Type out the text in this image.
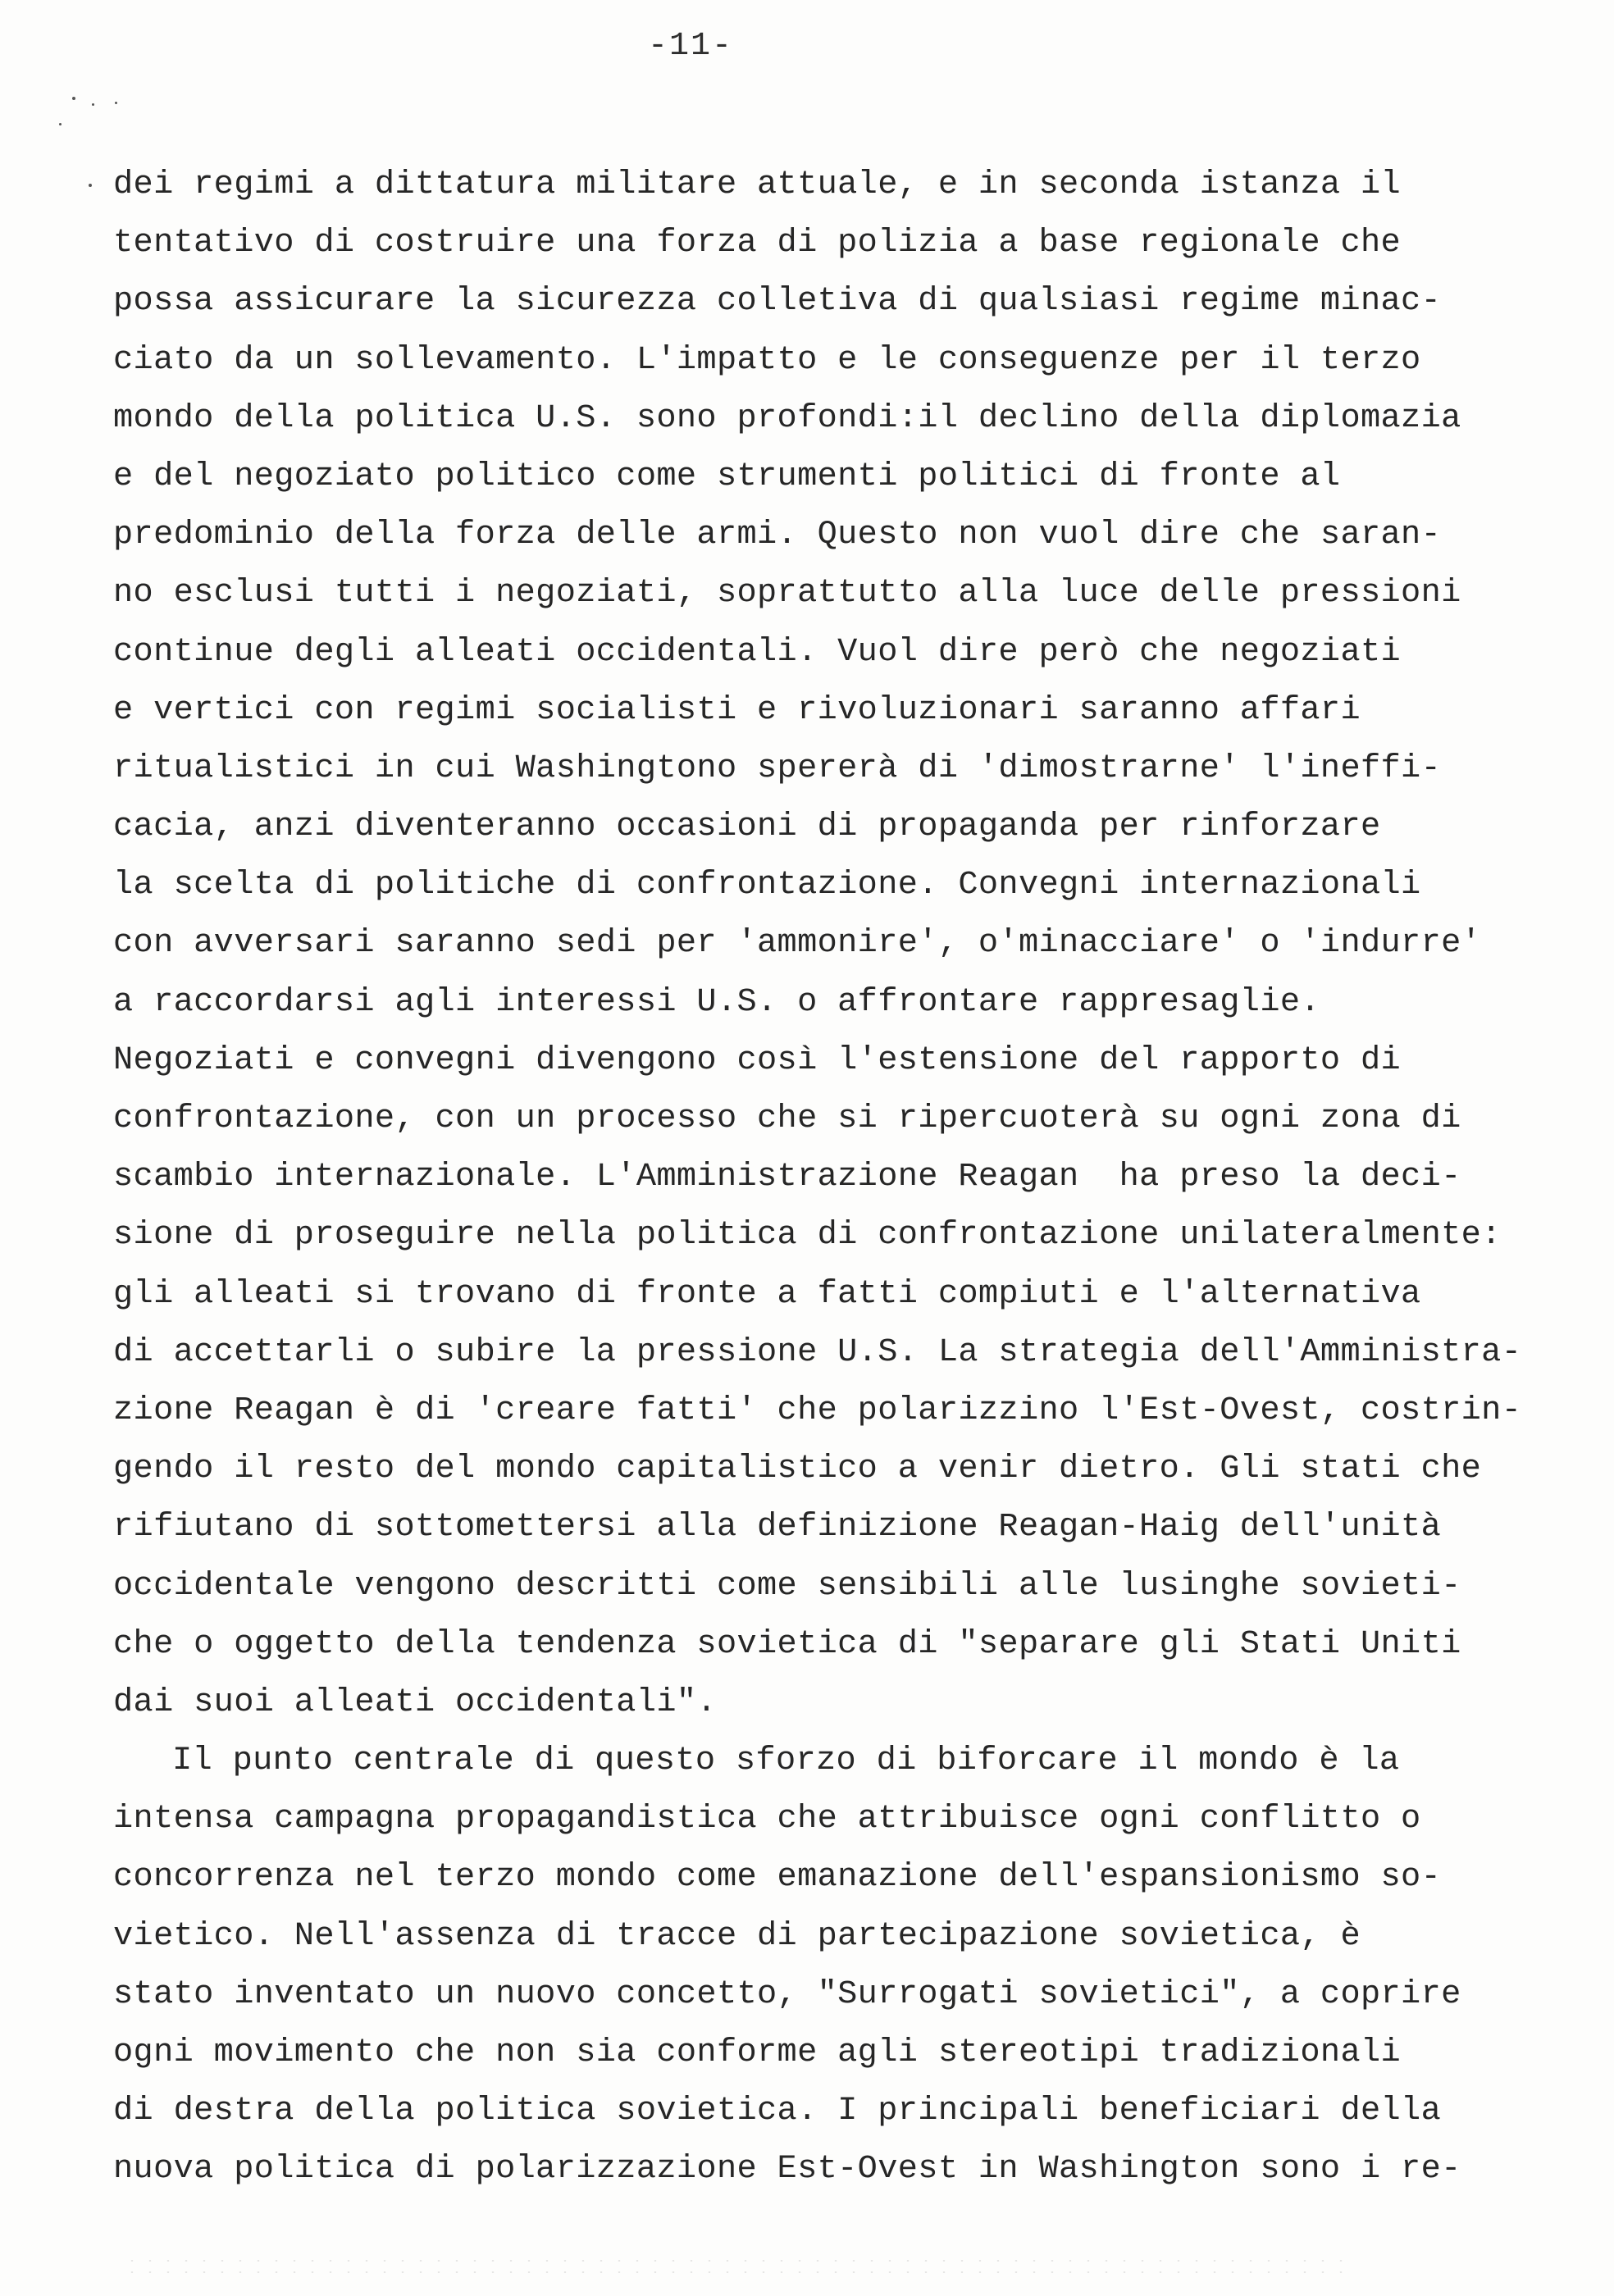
-11-
dei regimi a dittatura militare attuale, e in seconda istanza il
tentativo di costruire una forza di polizia a base regionale che
possa assicurare la sicurezza colletiva di qualsiasi regime minac-
ciato da un sollevamento. L'impatto e le conseguenze per il terzo
mondo della politica U.S. sono profondi:il declino della diplomazia
e del negoziato politico come strumenti politici di fronte al
predominio della forza delle armi. Questo non vuol dire che saran-
no esclusi tutti i negoziati, soprattutto alla luce delle pressioni
continue degli alleati occidentali. Vuol dire però che negoziati
e vertici con regimi socialisti e rivoluzionari saranno affari
ritualistici in cui Washingtono spererà di 'dimostrarne' l'ineffi-
cacia, anzi diventeranno occasioni di propaganda per rinforzare
la scelta di politiche di confrontazione. Convegni internazionali
con avversari saranno sedi per 'ammonire', o'minacciare' o 'indurre'
a raccordarsi agli interessi U.S. o affrontare rappresaglie.
Negoziati e convegni divengono così l'estensione del rapporto di
confrontazione, con un processo che si ripercuoterà su ogni zona di
scambio internazionale. L'Amministrazione Reagan  ha preso la deci-
sione di proseguire nella politica di confrontazione unilateralmente:
gli alleati si trovano di fronte a fatti compiuti e l'alternativa
di accettarli o subire la pressione U.S. La strategia dell'Amministra-
zione Reagan è di 'creare fatti' che polarizzino l'Est-Ovest, costrin-
gendo il resto del mondo capitalistico a venir dietro. Gli stati che
rifiutano di sottomettersi alla definizione Reagan-Haig dell'unità
occidentale vengono descritti come sensibili alle lusinghe sovieti-
che o oggetto della tendenza sovietica di "separare gli Stati Uniti
dai suoi alleati occidentali".
Il punto centrale di questo sforzo di biforcare il mondo è la
intensa campagna propagandistica che attribuisce ogni conflitto o
concorrenza nel terzo mondo come emanazione dell'espansionismo so-
vietico. Nell'assenza di tracce di partecipazione sovietica, è
stato inventato un nuovo concetto, "Surrogati sovietici", a coprire
ogni movimento che non sia conforme agli stereotipi tradizionali
di destra della politica sovietica. I principali beneficiari della
nuova politica di polarizzazione Est-Ovest in Washington sono i re-
